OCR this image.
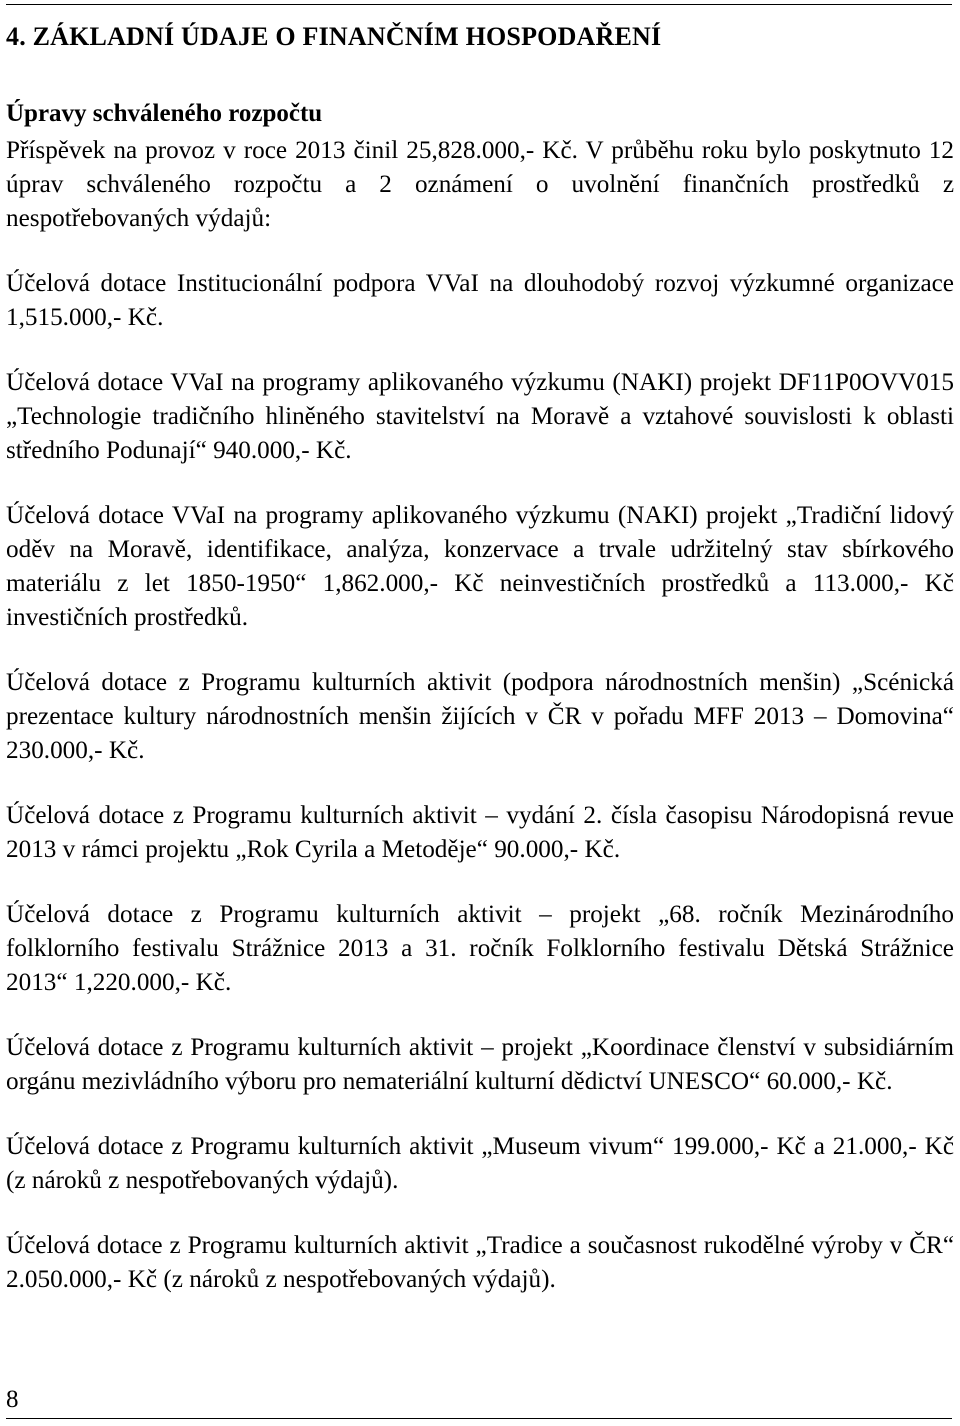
4. ZÁKLADNÍ ÚDAJE O FINANČNÍM HOSPODAŘENÍ
Úpravy schváleného rozpočtu

Příspěvek na provoz v roce 2013 činil 25,828.000,- Kč. V průběhu roku bylo poskytnuto 12 úprav schváleného rozpočtu a 2 oznámení o uvolnění finančních prostředků z nespotřebovaných výdajů:

Účelová dotace Institucionální podpora VVaI na dlouhodobý rozvoj výzkumné organizace 1,515.000,- Kč.

Účelová dotace VVaI na programy aplikovaného výzkumu (NAKI) projekt DF11P0OVV015 „Technologie tradičního hliněného stavitelství na Moravě a vztahové souvislosti k oblasti středního Podunají“ 940.000,- Kč.

Účelová dotace VVaI na programy aplikovaného výzkumu (NAKI) projekt „Tradiční lidový oděv na Moravě, identifikace, analýza, konzervace a trvale udržitelný stav sbírkového materiálu z let 1850-1950“ 1,862.000,- Kč neinvestičních prostředků a 113.000,- Kč investičních prostředků.

Účelová dotace z Programu kulturních aktivit (podpora národnostních menšin) „Scénická prezentace kultury národnostních menšin žijících v ČR v pořadu MFF 2013 – Domovina“ 230.000,- Kč.

Účelová dotace z Programu kulturních aktivit – vydání 2. čísla časopisu Národopisná revue 2013 v rámci projektu „Rok Cyrila a Metoděje“ 90.000,- Kč.

Účelová dotace z Programu kulturních aktivit – projekt „68. ročník Mezinárodního folklorního festivalu Strážnice 2013 a 31. ročník Folklorního festivalu Dětská Strážnice 2013“ 1,220.000,- Kč.

Účelová dotace z Programu kulturních aktivit – projekt „Koordinace členství v subsidiárním orgánu mezivládního výboru pro nemateriální kulturní dědictví UNESCO“ 60.000,- Kč.

Účelová dotace z Programu kulturních aktivit „Museum vivum“ 199.000,- Kč a 21.000,- Kč (z nároků z nespotřebovaných výdajů).

Účelová dotace z Programu kulturních aktivit „Tradice a současnost rukodělné výroby v ČR“ 2.050.000,- Kč (z nároků z nespotřebovaných výdajů).

8
